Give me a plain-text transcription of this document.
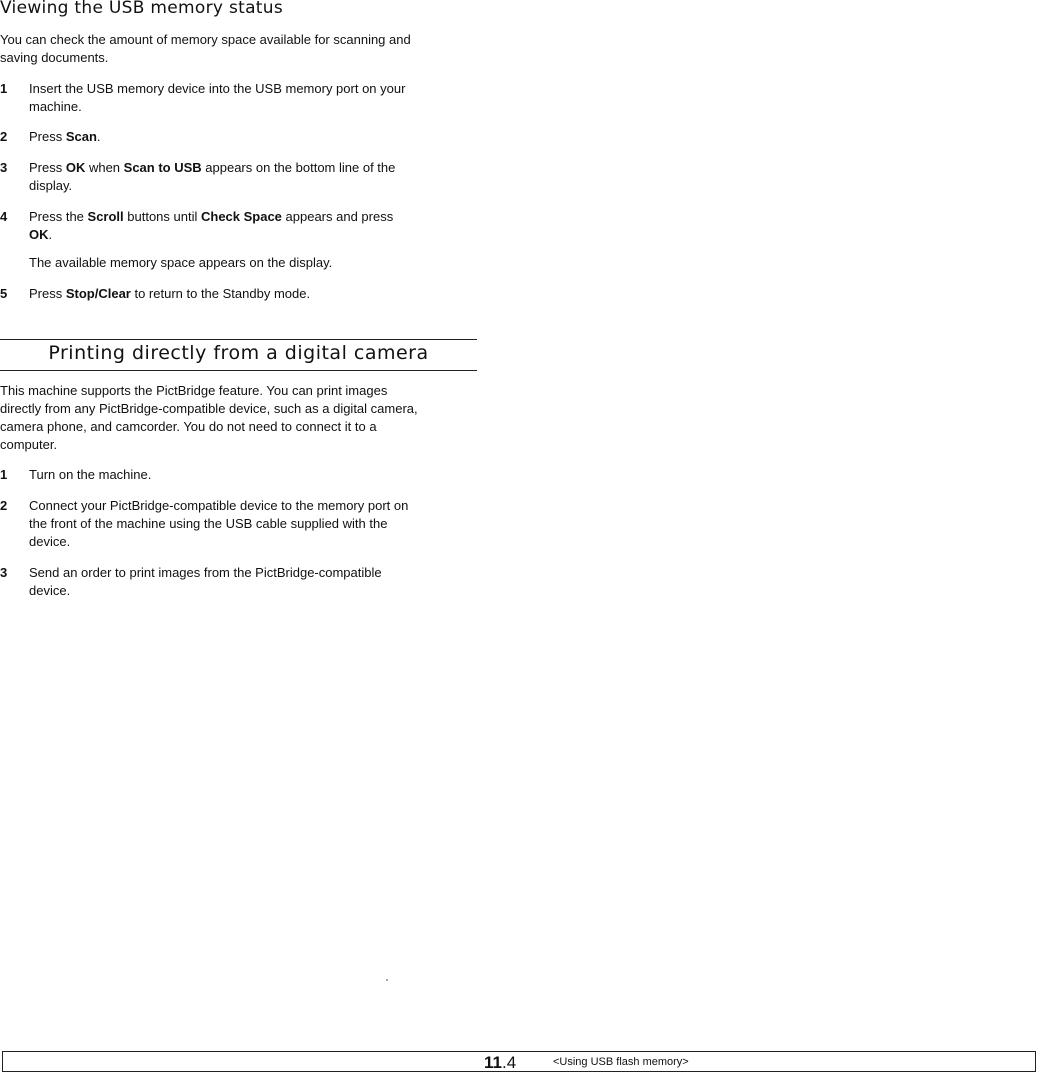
Viewing the USB memory status
You can check the amount of memory space available for scanning and
saving documents.
1	Insert the USB memory device into the USB memory port on your
machine.
2	Press Scan.
3	Press OK when Scan to USB appears on the bottom line of the
display.
4	Press the Scroll buttons until Check Space appears and press
OK.
The available memory space appears on the display.
5	Press Stop/Clear to return to the Standby mode.
Printing directly from a digital camera
This machine supports the PictBridge feature. You can print images
directly from any PictBridge-compatible device, such as a digital camera,
camera phone, and camcorder. You do not need to connect it to a
computer.
1	Turn on the machine.
2	Connect your PictBridge-compatible device to the memory port on
the front of the machine using the USB cable supplied with the
device.
3	Send an order to print images from the PictBridge-compatible
device.
11.4	<Using USB flash memory>
